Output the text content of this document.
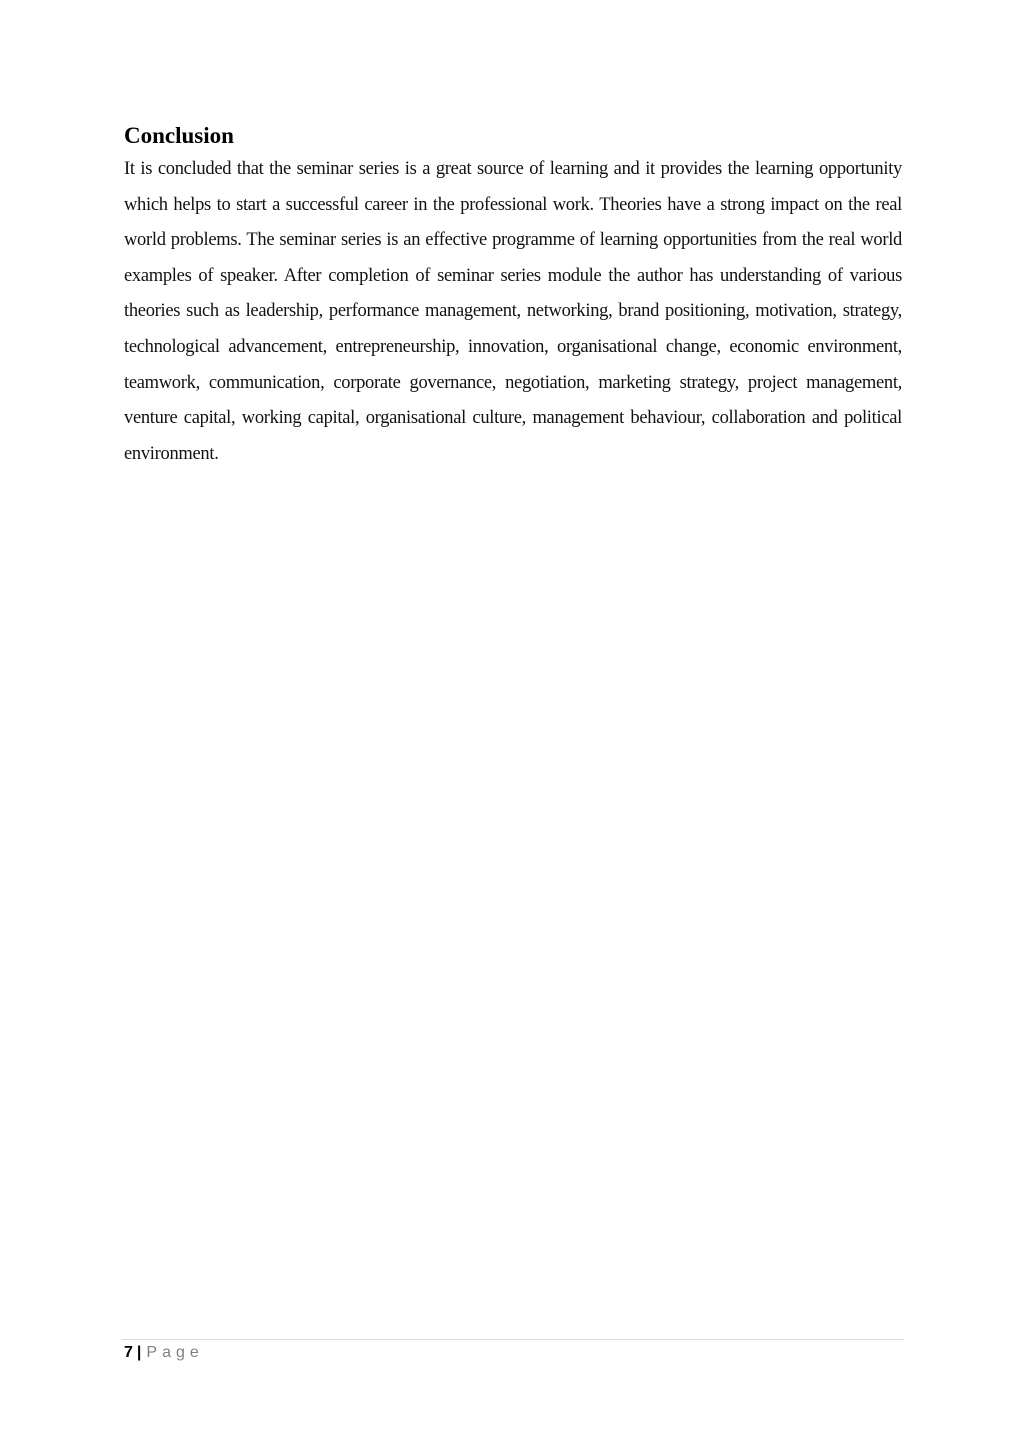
Conclusion

It is concluded that the seminar series is a great source of learning and it provides the learning opportunity which helps to start a successful career in the professional work. Theories have a strong impact on the real world problems. The seminar series is an effective programme of learning opportunities from the real world examples of speaker. After completion of seminar series module the author has understanding of various theories such as leadership, performance management, networking, brand positioning, motivation, strategy, technological advancement, entrepreneurship, innovation, organisational change, economic environment, teamwork, communication, corporate governance, negotiation, marketing strategy, project management, venture capital, working capital, organisational culture, management behaviour, collaboration and political environment.

7 | Page
